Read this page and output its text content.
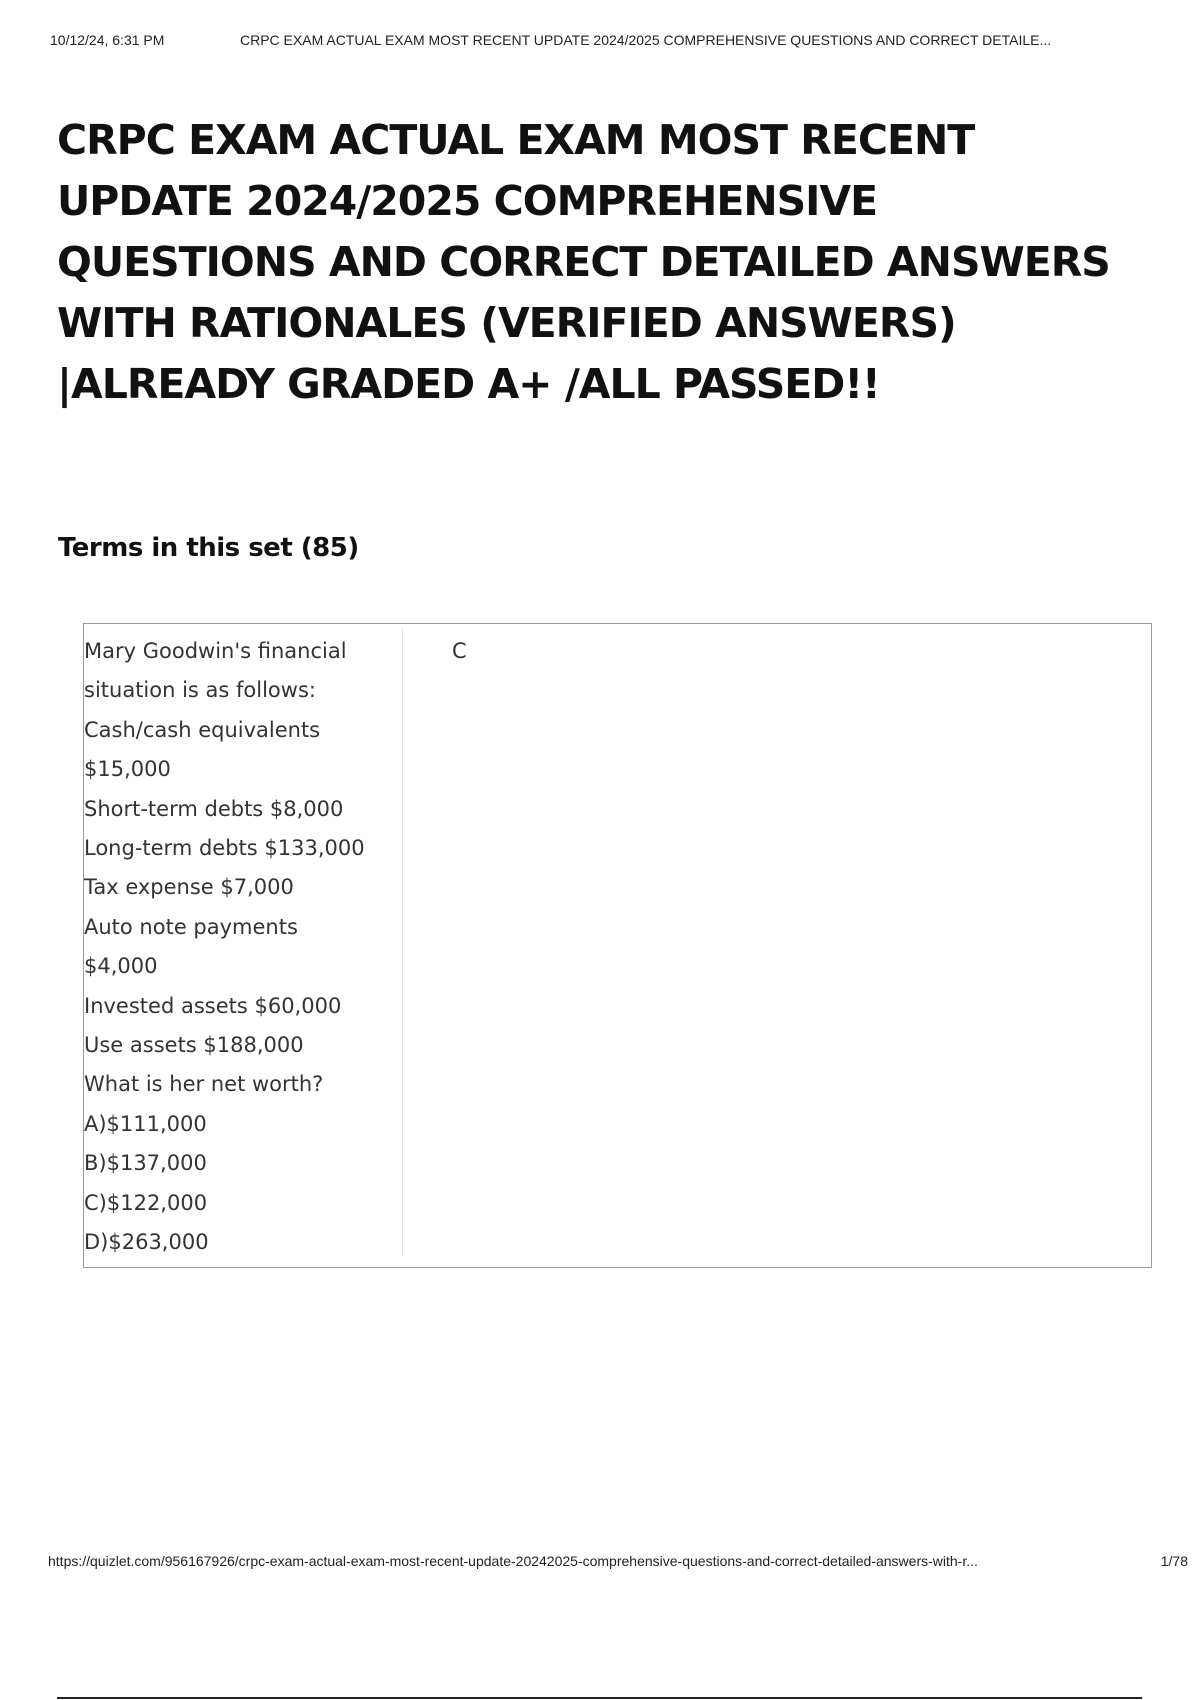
10/12/24, 6:31 PM	CRPC EXAM ACTUAL EXAM MOST RECENT UPDATE 2024/2025 COMPREHENSIVE QUESTIONS AND CORRECT DETAILE...
CRPC EXAM ACTUAL EXAM MOST RECENT
UPDATE 2024/2025 COMPREHENSIVE
QUESTIONS AND CORRECT DETAILED ANSWERS
WITH RATIONALES (VERIFIED ANSWERS)
|ALREADY GRADED A+ /ALL PASSED!!
Terms in this set (85)
Mary Goodwin's financial
situation is as follows:
Cash/cash equivalents
$15,000
Short-term debts $8,000
Long-term debts $133,000
Tax expense $7,000
Auto note payments
$4,000
Invested assets $60,000
Use assets $188,000
What is her net worth?
A)$111,000
B)$137,000
C)$122,000
D)$263,000
C
https://quizlet.com/956167926/crpc-exam-actual-exam-most-recent-update-20242025-comprehensive-questions-and-correct-detailed-answers-with-r...	1/78
